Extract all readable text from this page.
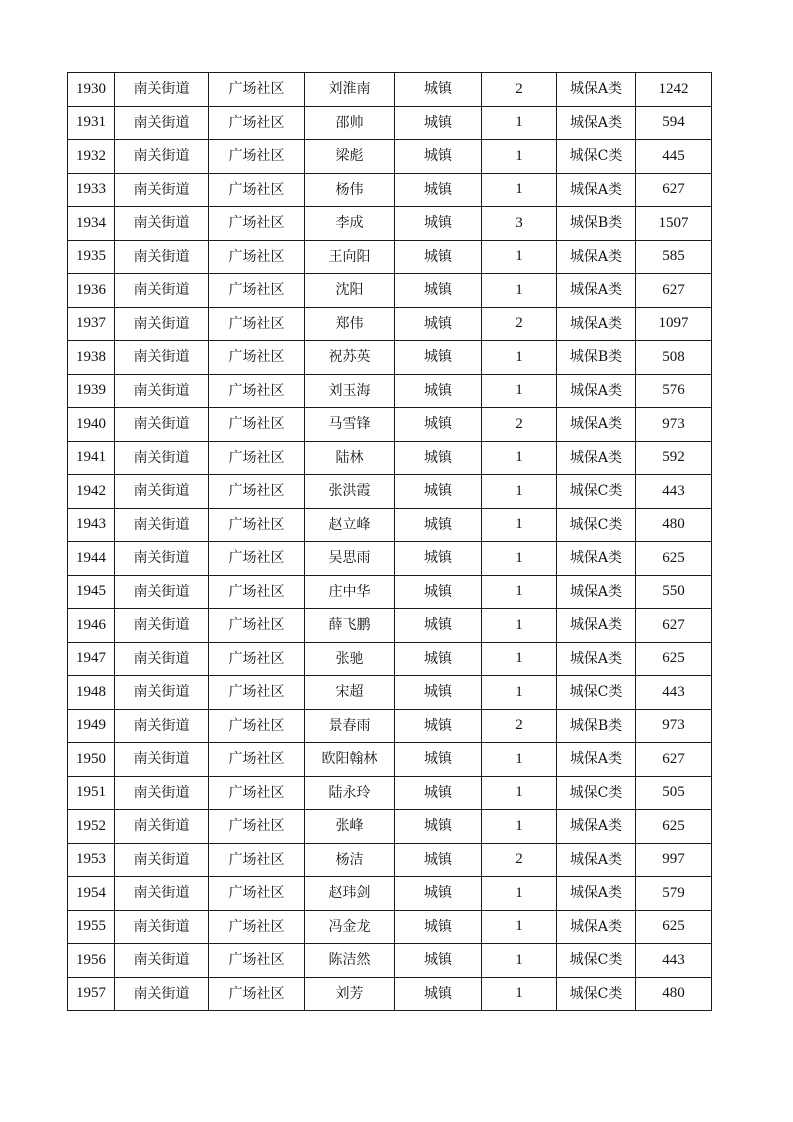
1930	南关街道	广场社区	刘淮南	城镇	2	城保A类	1242
1931	南关街道	广场社区	邵帅	城镇	1	城保A类	594
1932	南关街道	广场社区	梁彪	城镇	1	城保C类	445
1933	南关街道	广场社区	杨伟	城镇	1	城保A类	627
1934	南关街道	广场社区	李成	城镇	3	城保B类	1507
1935	南关街道	广场社区	王向阳	城镇	1	城保A类	585
1936	南关街道	广场社区	沈阳	城镇	1	城保A类	627
1937	南关街道	广场社区	郑伟	城镇	2	城保A类	1097
1938	南关街道	广场社区	祝苏英	城镇	1	城保B类	508
1939	南关街道	广场社区	刘玉海	城镇	1	城保A类	576
1940	南关街道	广场社区	马雪锋	城镇	2	城保A类	973
1941	南关街道	广场社区	陆林	城镇	1	城保A类	592
1942	南关街道	广场社区	张洪霞	城镇	1	城保C类	443
1943	南关街道	广场社区	赵立峰	城镇	1	城保C类	480
1944	南关街道	广场社区	吴思雨	城镇	1	城保A类	625
1945	南关街道	广场社区	庄中华	城镇	1	城保A类	550
1946	南关街道	广场社区	薛飞鹏	城镇	1	城保A类	627
1947	南关街道	广场社区	张驰	城镇	1	城保A类	625
1948	南关街道	广场社区	宋超	城镇	1	城保C类	443
1949	南关街道	广场社区	景春雨	城镇	2	城保B类	973
1950	南关街道	广场社区	欧阳翰林	城镇	1	城保A类	627
1951	南关街道	广场社区	陆永玲	城镇	1	城保C类	505
1952	南关街道	广场社区	张峰	城镇	1	城保A类	625
1953	南关街道	广场社区	杨洁	城镇	2	城保A类	997
1954	南关街道	广场社区	赵玮剑	城镇	1	城保A类	579
1955	南关街道	广场社区	冯金龙	城镇	1	城保A类	625
1956	南关街道	广场社区	陈洁然	城镇	1	城保C类	443
1957	南关街道	广场社区	刘芳	城镇	1	城保C类	480
